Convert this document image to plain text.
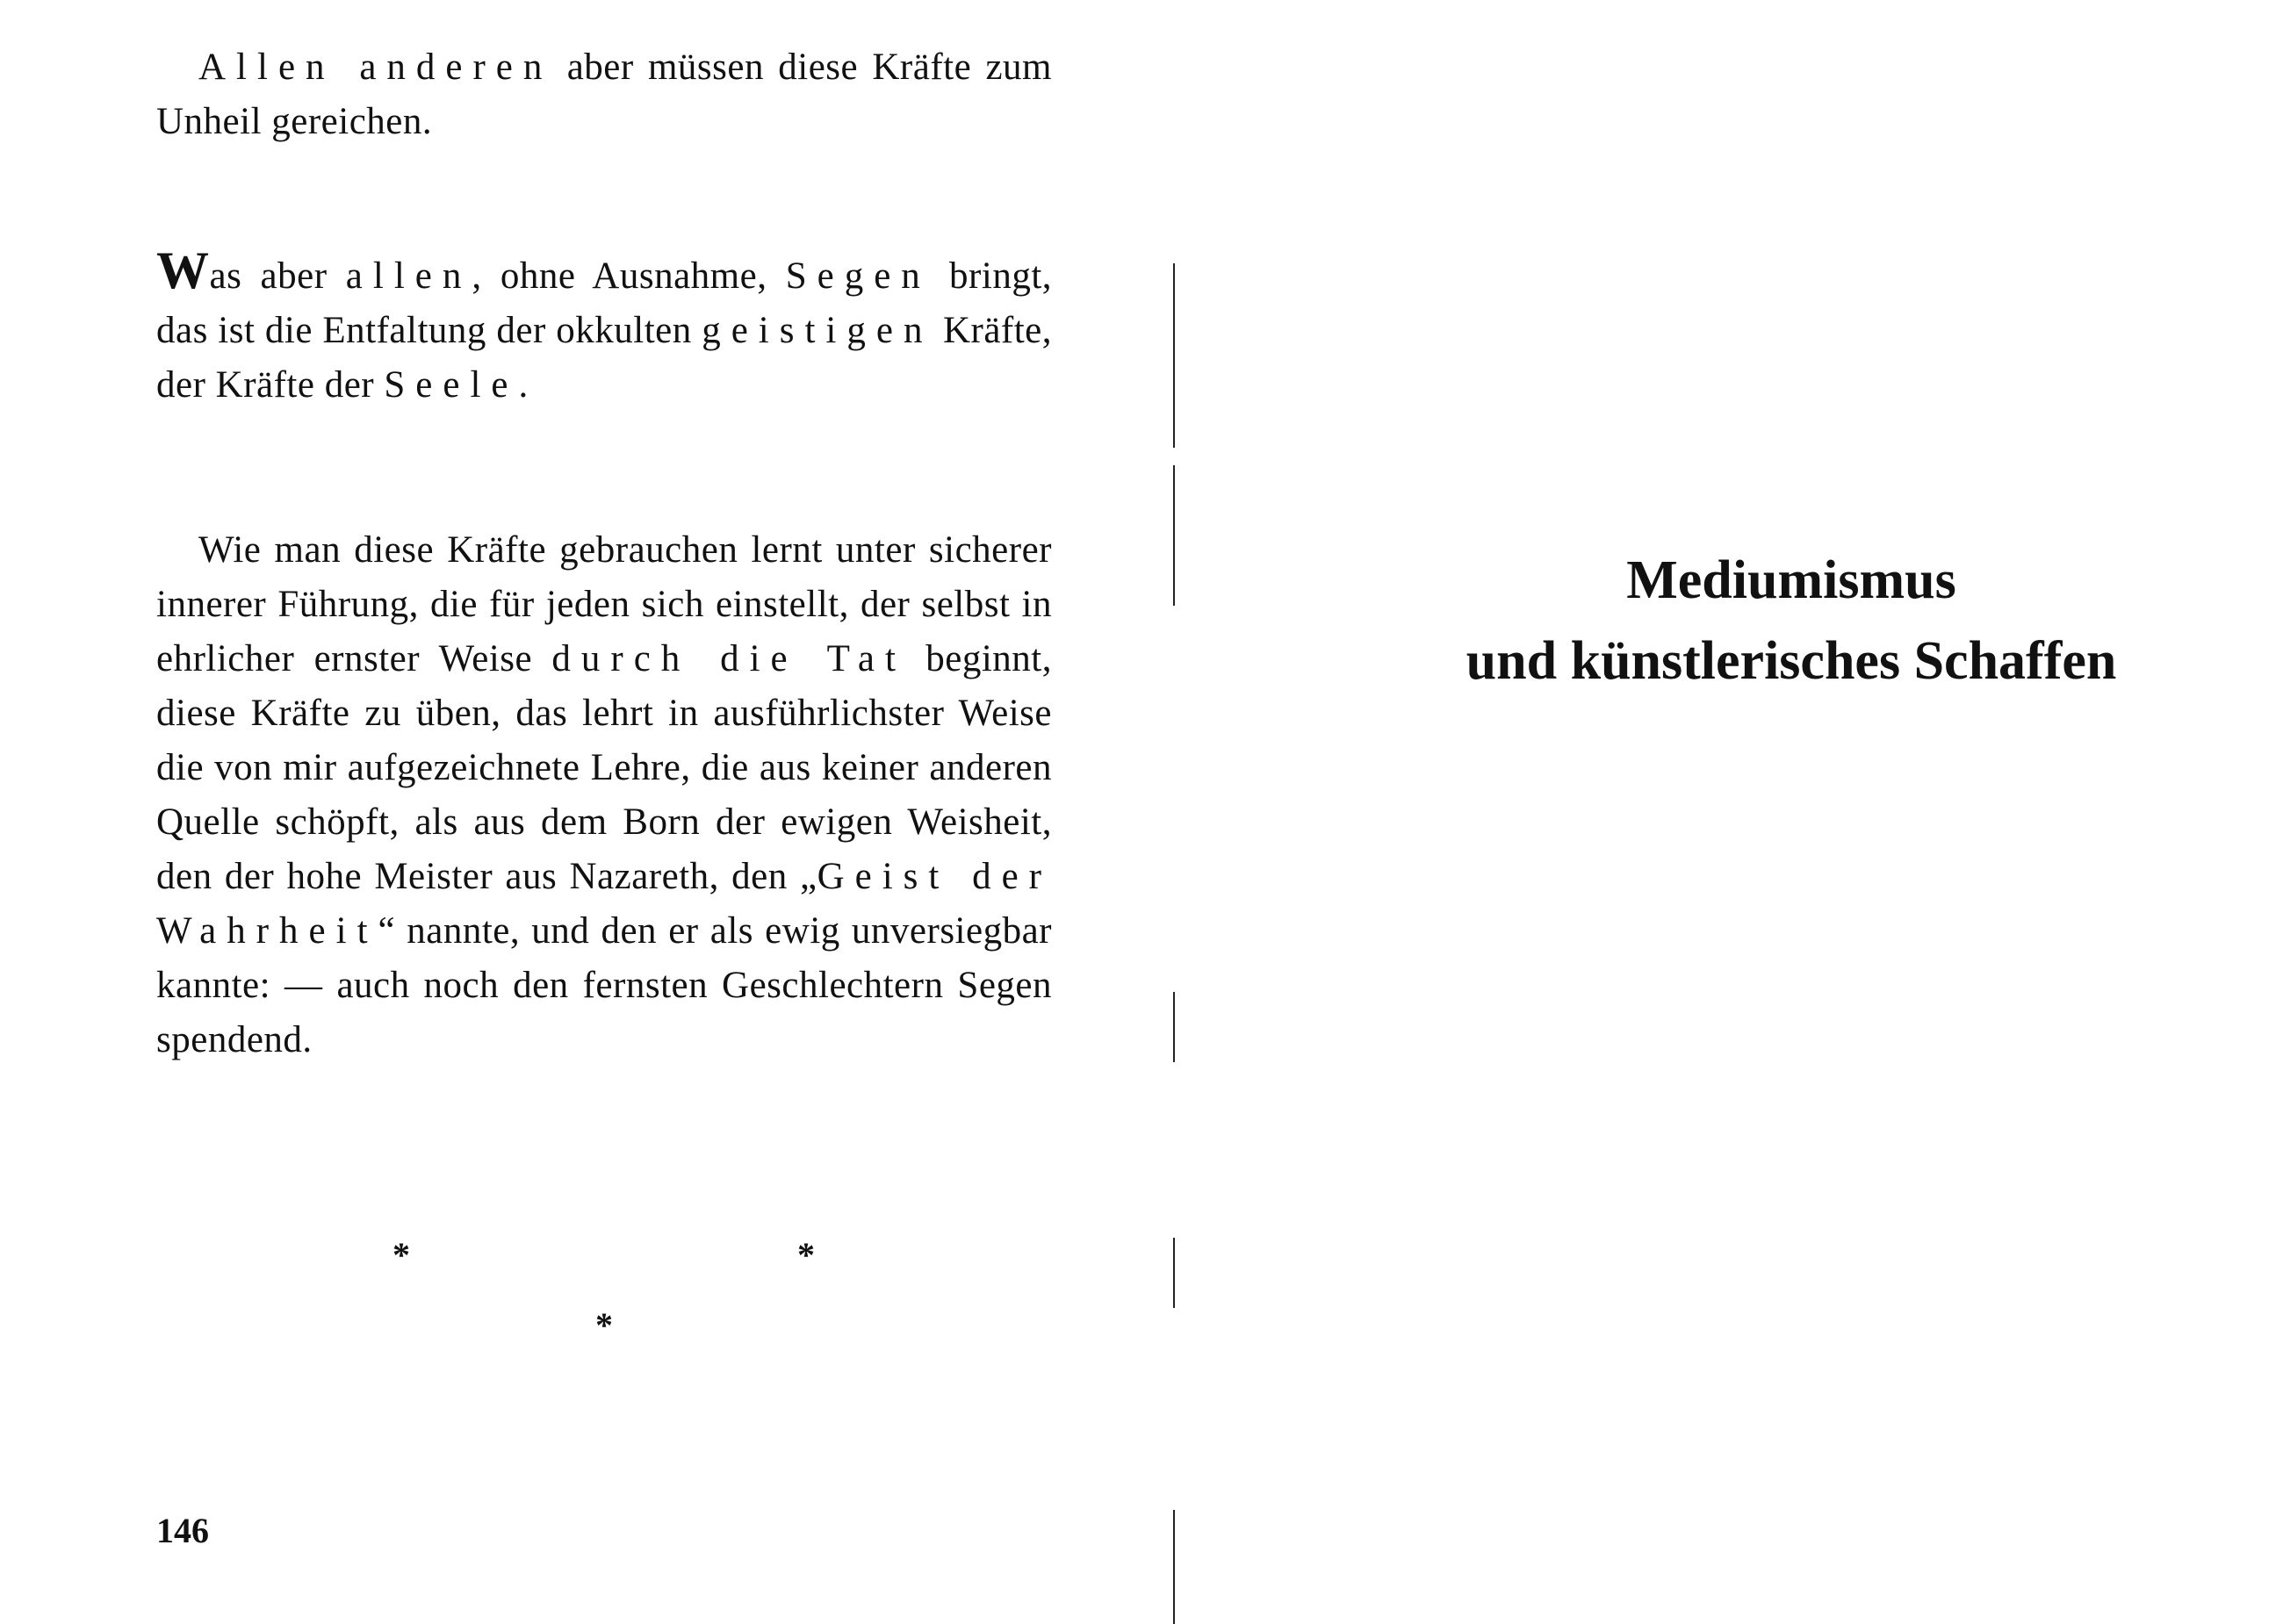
Allen anderen aber müssen diese Kräfte zum Unheil gereichen.

Was aber allen, ohne Ausnahme, Segen bringt, das ist die Entfaltung der okkulten geistigen Kräfte, der Kräfte der Seele.

Wie man diese Kräfte gebrauchen lernt unter sicherer innerer Führung, die für jeden sich einstellt, der selbst in ehrlicher ernster Weise durch die Tat beginnt, diese Kräfte zu üben, das lehrt in ausführlichster Weise die von mir aufgezeichnete Lehre, die aus keiner anderen Quelle schöpft, als aus dem Born der ewigen Weisheit, den der hohe Meister aus Nazareth, den „Geist der Wahrheit“ nannte, und den er als ewig unversiegbar kannte: — auch noch den fernsten Geschlechtern Segen spendend.

*	*
*
146
Mediumismus
und künstlerisches Schaffen
